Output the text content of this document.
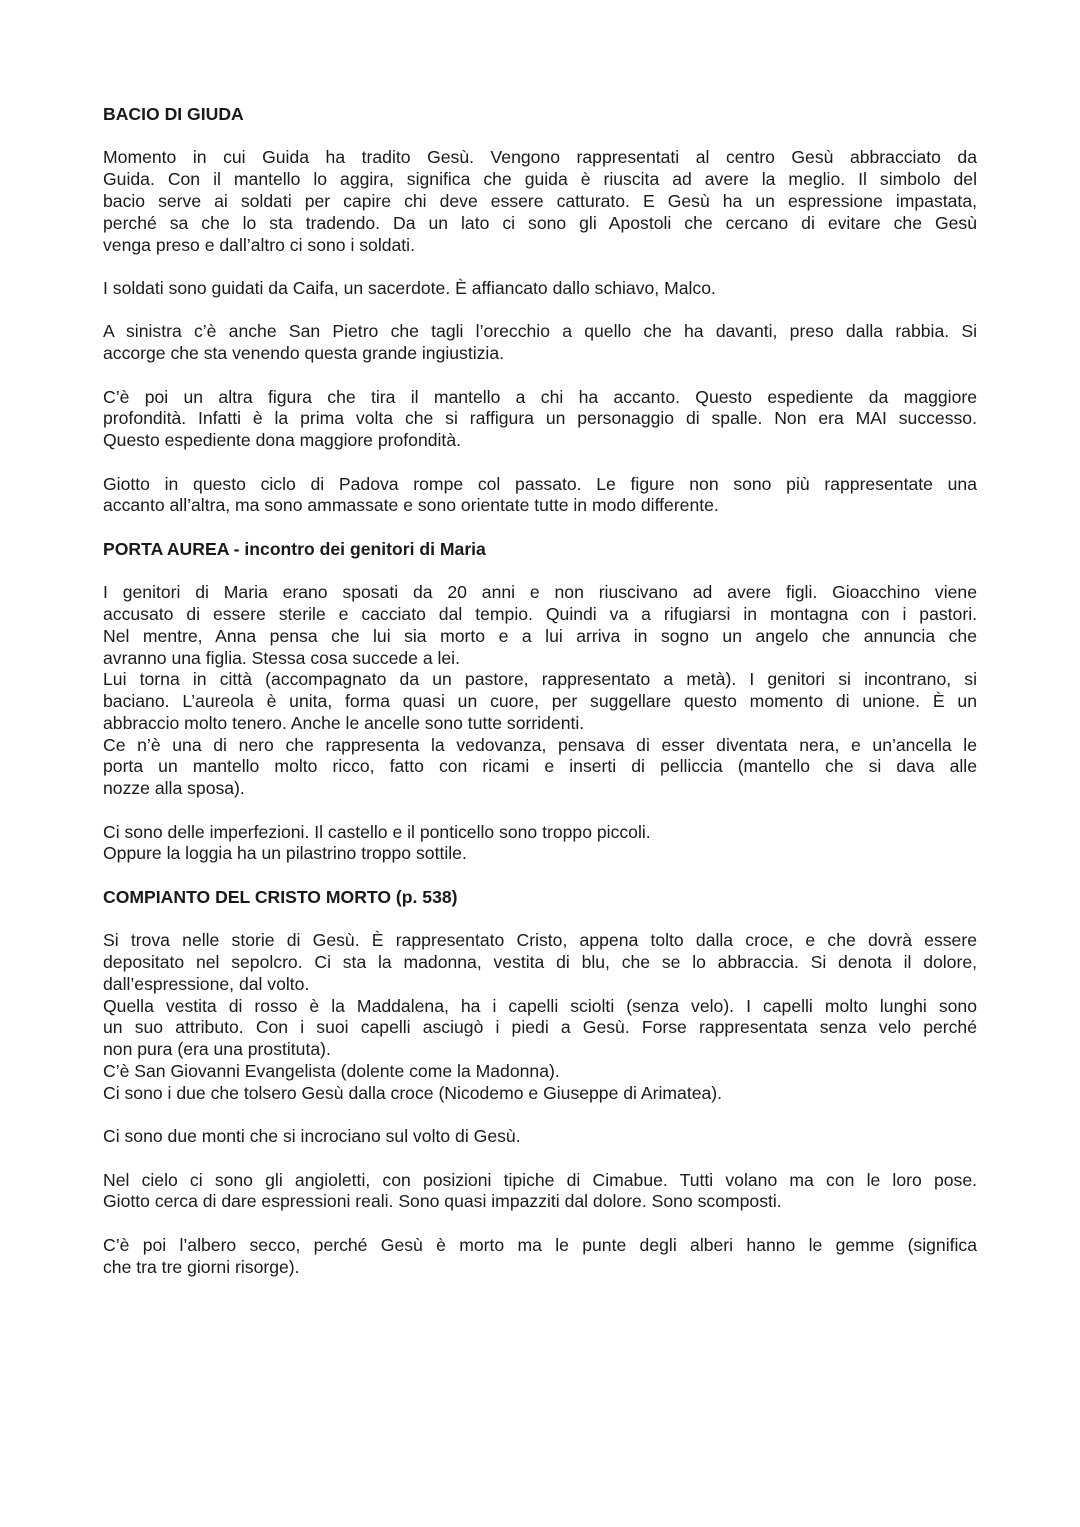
BACIO DI GIUDA
Momento in cui Guida ha tradito Gesù. Vengono rappresentati al centro Gesù abbracciato da
Guida. Con il mantello lo aggira, significa che guida è riuscita ad avere la meglio. Il simbolo del
bacio serve ai soldati per capire chi deve essere catturato. E Gesù ha un espressione impastata,
perché sa che lo sta tradendo. Da un lato ci sono gli Apostoli che cercano di evitare che Gesù
venga preso e dall’altro ci sono i soldati.
I soldati sono guidati da Caifa, un sacerdote. È affiancato dallo schiavo, Malco.
A sinistra c’è anche San Pietro che tagli l’orecchio a quello che ha davanti, preso dalla rabbia. Si
accorge che sta venendo questa grande ingiustizia.
C’è poi un altra figura che tira il mantello a chi ha accanto. Questo espediente da maggiore
profondità. Infatti è la prima volta che si raffigura un personaggio di spalle. Non era MAI successo.
Questo espediente dona maggiore profondità.
Giotto in questo ciclo di Padova rompe col passato. Le figure non sono più rappresentate una
accanto all’altra, ma sono ammassate e sono orientate tutte in modo differente.
PORTA AUREA - incontro dei genitori di Maria
I genitori di Maria erano sposati da 20 anni e non riuscivano ad avere figli. Gioacchino viene
accusato di essere sterile e cacciato dal tempio. Quindi va a rifugiarsi in montagna con i pastori.
Nel mentre, Anna pensa che lui sia morto e a lui arriva in sogno un angelo che annuncia che
avranno una figlia. Stessa cosa succede a lei.
Lui torna in città (accompagnato da un pastore, rappresentato a metà). I genitori si incontrano, si
baciano. L’aureola è unita, forma quasi un cuore, per suggellare questo momento di unione. È un
abbraccio molto tenero. Anche le ancelle sono tutte sorridenti.
Ce n’è una di nero che rappresenta la vedovanza, pensava di esser diventata nera, e un’ancella le
porta un mantello molto ricco, fatto con ricami e inserti di pelliccia (mantello che si dava alle
nozze alla sposa).
Ci sono delle imperfezioni. Il castello e il ponticello sono troppo piccoli.
Oppure la loggia ha un pilastrino troppo sottile.
COMPIANTO DEL CRISTO MORTO (p. 538)
Si trova nelle storie di Gesù. È rappresentato Cristo, appena tolto dalla croce, e che dovrà essere
depositato nel sepolcro. Ci sta la madonna, vestita di blu, che se lo abbraccia. Si denota il dolore,
dall’espressione, dal volto.
Quella vestita di rosso è la Maddalena, ha i capelli sciolti (senza velo). I capelli molto lunghi sono
un suo attributo. Con i suoi capelli asciugò i piedi a Gesù. Forse rappresentata senza velo perché
non pura (era una prostituta).
C’è San Giovanni Evangelista (dolente come la Madonna).
Ci sono i due che tolsero Gesù dalla croce (Nicodemo e Giuseppe di Arimatea).
Ci sono due monti che si incrociano sul volto di Gesù.
Nel cielo ci sono gli angioletti, con posizioni tipiche di Cimabue. Tutti volano ma con le loro pose.
Giotto cerca di dare espressioni reali. Sono quasi impazziti dal dolore. Sono scomposti.
C’è poi l’albero secco, perché Gesù è morto ma le punte degli alberi hanno le gemme (significa
che tra tre giorni risorge).
